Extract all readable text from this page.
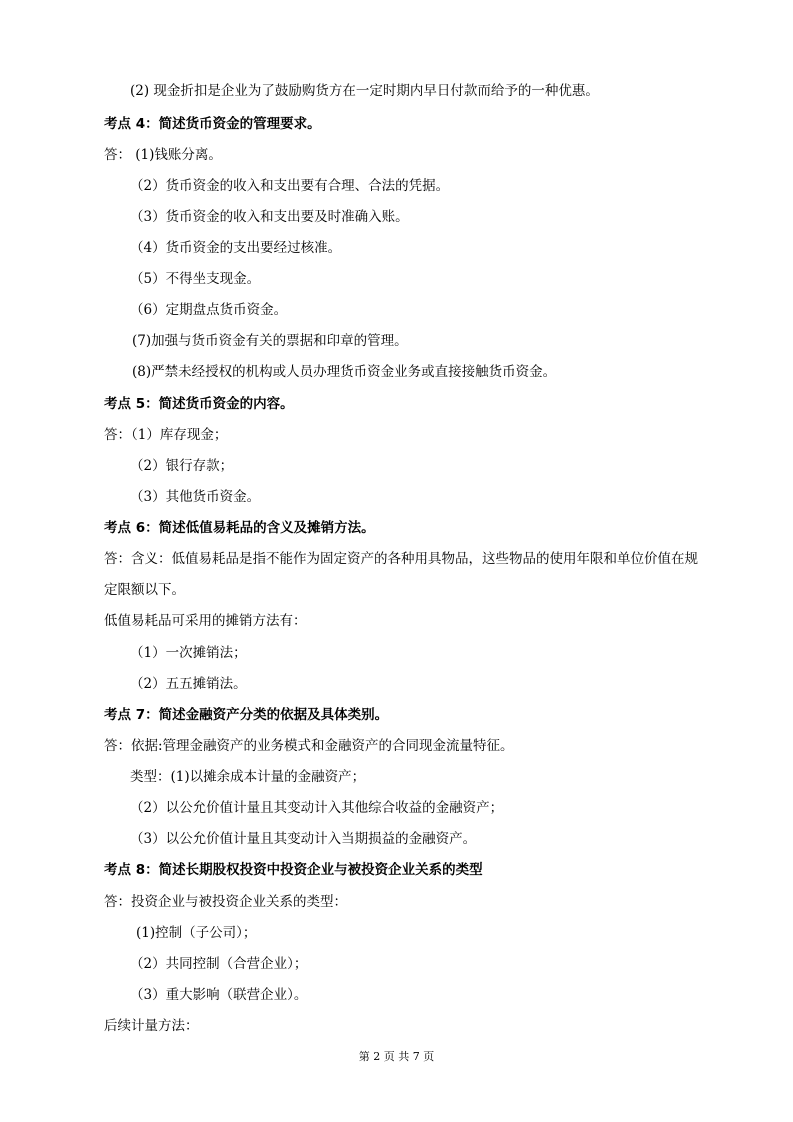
(2) 现金折扣是企业为了鼓励购货方在一定时期内早日付款而给予的一种优惠。
考点 4：简述货币资金的管理要求。
答： (1)钱账分离。
（2）货币资金的收入和支出要有合理、合法的凭据。
（3）货币资金的收入和支出要及时准确入账。
（4）货币资金的支出要经过核准。
（5）不得坐支现金。
（6）定期盘点货币资金。
(7)加强与货币资金有关的票据和印章的管理。
(8)严禁未经授权的机构或人员办理货币资金业务或直接接触货币资金。
考点 5：简述货币资金的内容。
答：（1）库存现金；
（2）银行存款；
（3）其他货币资金。
考点 6：简述低值易耗品的含义及摊销方法。
答：含义：低值易耗品是指不能作为固定资产的各种用具物品，这些物品的使用年限和单位价值在规
定限额以下。
低值易耗品可采用的摊销方法有：
（1）一次摊销法；
（2）五五摊销法。
考点 7：简述金融资产分类的依据及具体类别。
答：依据:管理金融资产的业务模式和金融资产的合同现金流量特征。
类型：(1)以摊余成本计量的金融资产；
（2）以公允价值计量且其变动计入其他综合收益的金融资产；
（3）以公允价值计量且其变动计入当期损益的金融资产。
考点 8：简述长期股权投资中投资企业与被投资企业关系的类型
答：投资企业与被投资企业关系的类型：
(1)控制（子公司）；
（2）共同控制（合营企业）；
（3）重大影响（联营企业）。
后续计量方法：
第 2 页 共 7 页
